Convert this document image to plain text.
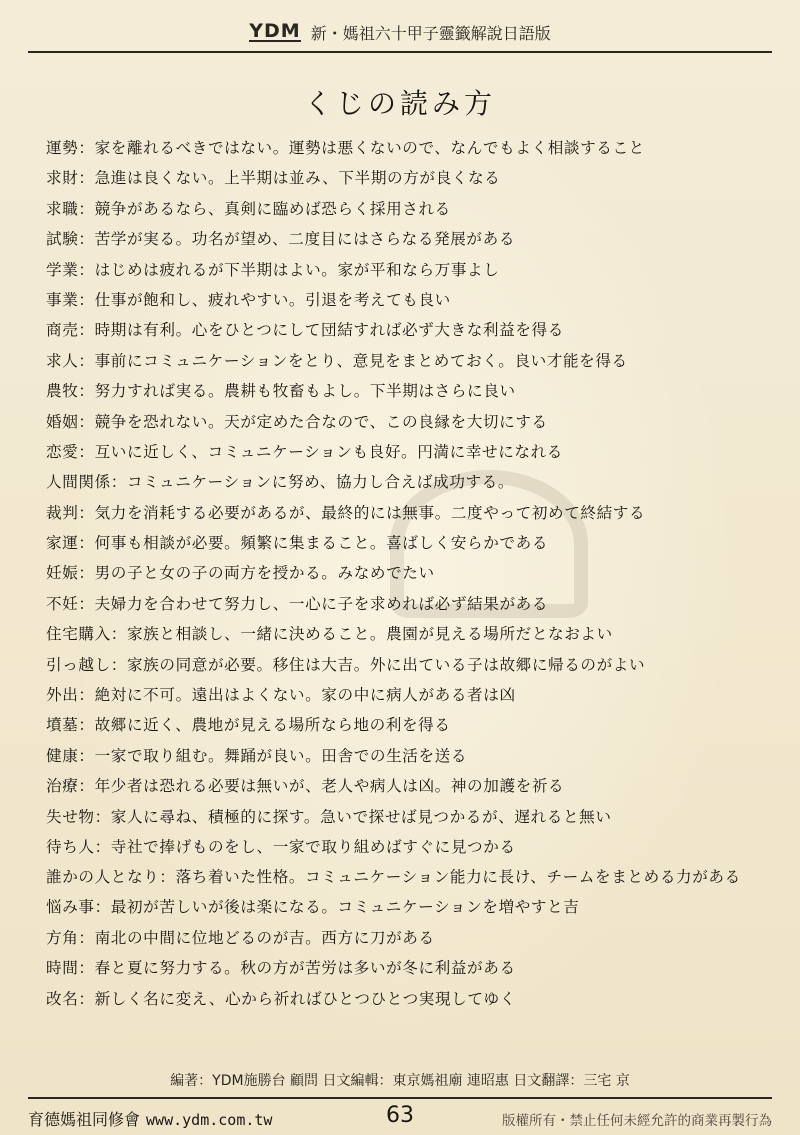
YDM 新・媽祖六十甲子靈籤解說日語版
くじの読み方
運勢：家を離れるべきではない。運勢は悪くないので、なんでもよく相談すること
求財：急進は良くない。上半期は並み、下半期の方が良くなる
求職：競争があるなら、真剣に臨めば恐らく採用される
試験：苦学が実る。功名が望め、二度目にはさらなる発展がある
学業：はじめは疲れるが下半期はよい。家が平和なら万事よし
事業：仕事が飽和し、疲れやすい。引退を考えても良い
商売：時期は有利。心をひとつにして団結すれば必ず大きな利益を得る
求人：事前にコミュニケーションをとり、意見をまとめておく。良い才能を得る
農牧：努力すれば実る。農耕も牧畜もよし。下半期はさらに良い
婚姻：競争を恐れない。天が定めた合なので、この良縁を大切にする
恋愛：互いに近しく、コミュニケーションも良好。円満に幸せになれる
人間関係：コミュニケーションに努め、協力し合えば成功する。
裁判：気力を消耗する必要があるが、最終的には無事。二度やって初めて終結する
家運：何事も相談が必要。頻繁に集まること。喜ばしく安らかである
妊娠：男の子と女の子の両方を授かる。みなめでたい
不妊：夫婦力を合わせて努力し、一心に子を求めれば必ず結果がある
住宅購入：家族と相談し、一緒に決めること。農園が見える場所だとなおよい
引っ越し：家族の同意が必要。移住は大吉。外に出ている子は故郷に帰るのがよい
外出：絶対に不可。遠出はよくない。家の中に病人がある者は凶
墳墓：故郷に近く、農地が見える場所なら地の利を得る
健康：一家で取り組む。舞踊が良い。田舎での生活を送る
治療：年少者は恐れる必要は無いが、老人や病人は凶。神の加護を祈る
失せ物：家人に尋ね、積極的に探す。急いで探せば見つかるが、遅れると無い
待ち人：寺社で捧げものをし、一家で取り組めばすぐに見つかる
誰かの人となり：落ち着いた性格。コミュニケーション能力に長け、チームをまとめる力がある
悩み事：最初が苦しいが後は楽になる。コミュニケーションを増やすと吉
方角：南北の中間に位地どるのが吉。西方に刀がある
時間：春と夏に努力する。秋の方が苦労は多いが冬に利益がある
改名：新しく名に変え、心から祈ればひとつひとつ実現してゆく
編著：YDM施勝台 顧問 日文編輯：東京媽祖廟 連昭惠 日文翻譯：三宅 京
育德媽祖同修會 www.ydm.com.tw	63	版權所有・禁止任何未經允許的商業再製行為
